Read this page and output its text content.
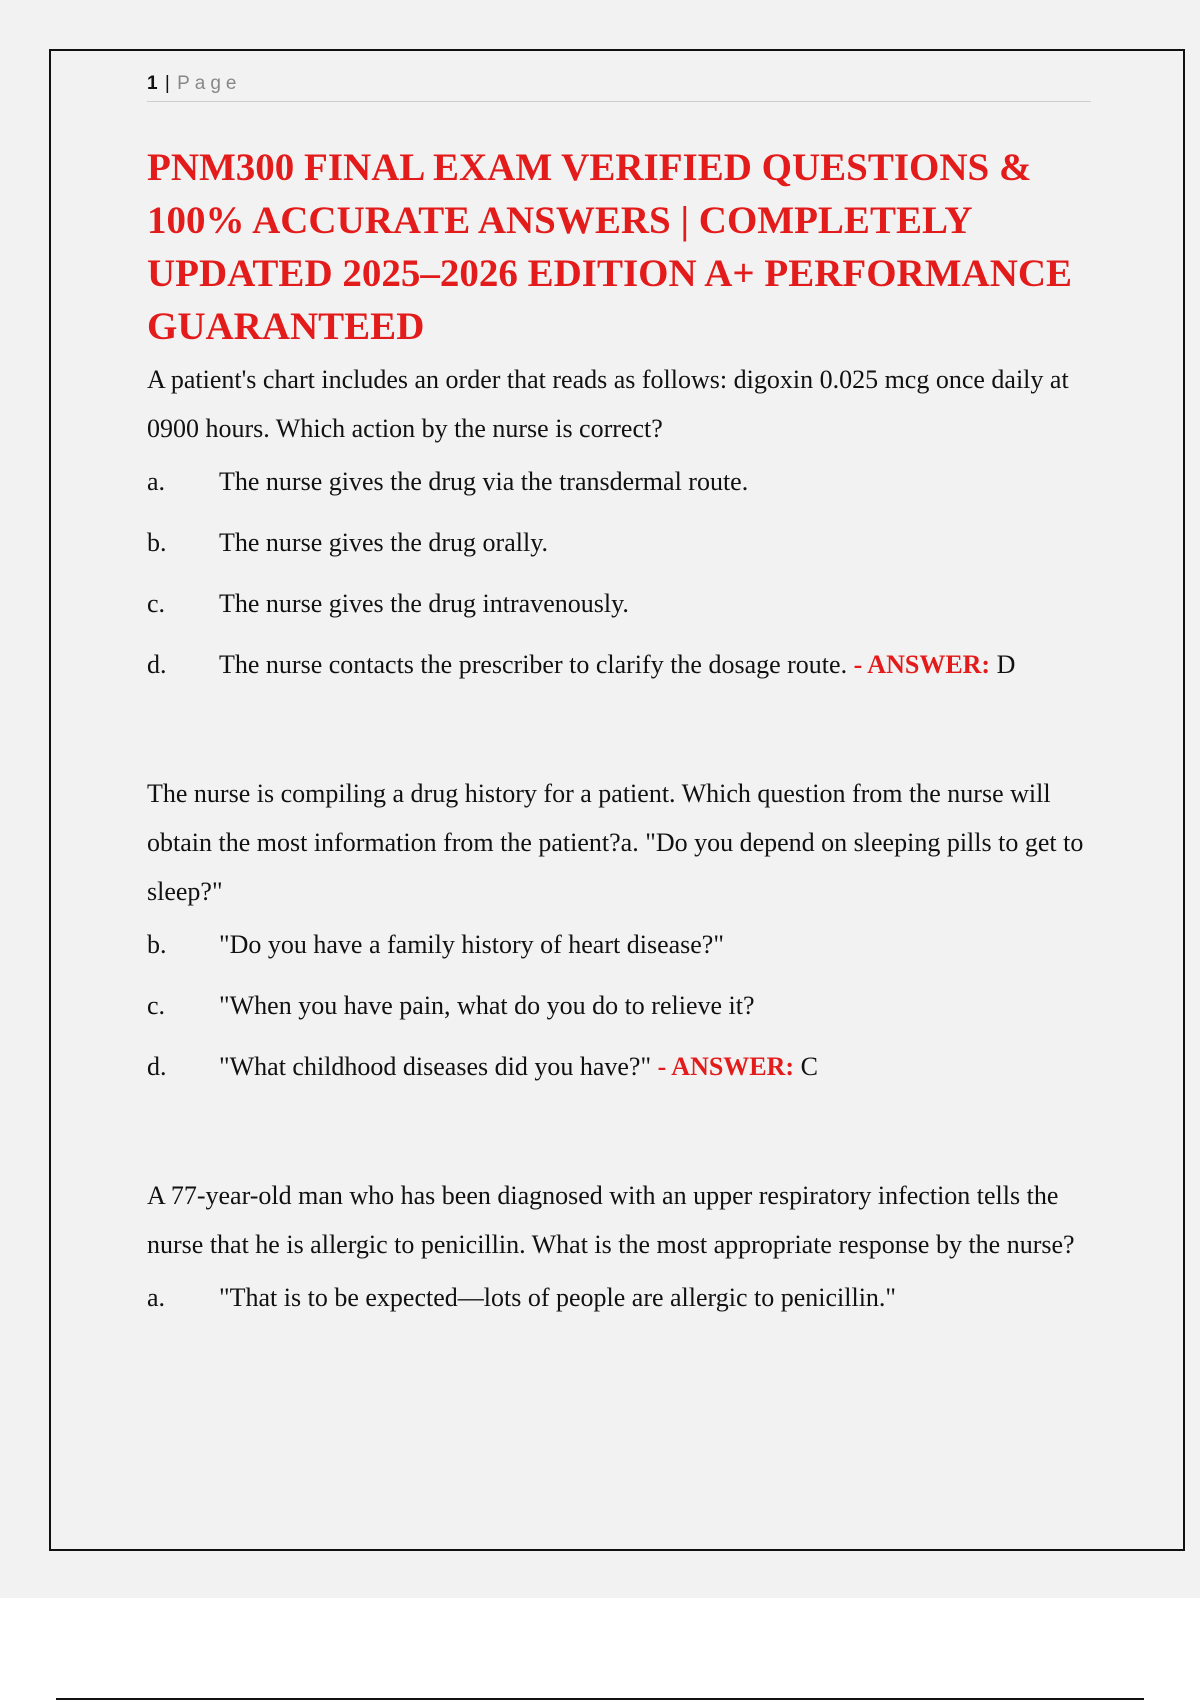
1 | Page
PNM300 FINAL EXAM VERIFIED QUESTIONS & 100% ACCURATE ANSWERS | COMPLETELY UPDATED 2025–2026 EDITION A+ PERFORMANCE GUARANTEED

A patient's chart includes an order that reads as follows: digoxin 0.025 mcg once daily at 0900 hours. Which action by the nurse is correct?

a.	The nurse gives the drug via the transdermal route.
b.	The nurse gives the drug orally.
c.	The nurse gives the drug intravenously.
d.	The nurse contacts the prescriber to clarify the dosage route. - ANSWER: D

The nurse is compiling a drug history for a patient. Which question from the nurse will obtain the most information from the patient?a. "Do you depend on sleeping pills to get to sleep?"

b.	"Do you have a family history of heart disease?"
c.	"When you have pain, what do you do to relieve it?
d.	"What childhood diseases did you have?" - ANSWER: C

A 77-year-old man who has been diagnosed with an upper respiratory infection tells the nurse that he is allergic to penicillin. What is the most appropriate response by the nurse?

a.	"That is to be expected—lots of people are allergic to penicillin."
